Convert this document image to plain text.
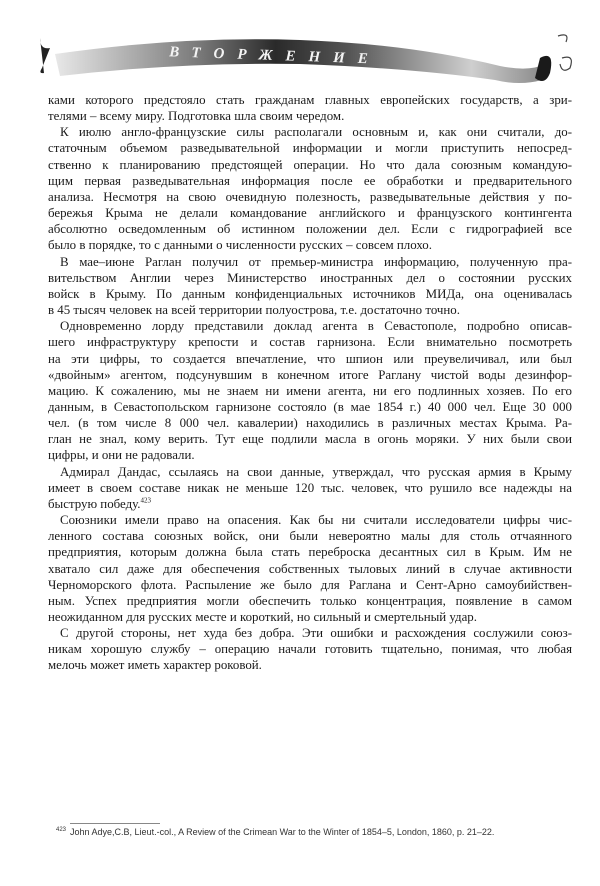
ВТОРЖЕНИЕ
ками которого предстояло стать гражданам главных европейских государств, а зри-
телями – всему миру. Подготовка шла своим чередом.
К июлю англо-французские силы располагали основным и, как они считали, до-
статочным объемом разведывательной информации и могли приступить непосред-
ственно к планированию предстоящей операции. Но что дала союзным командую-
щим первая разведывательная информация после ее обработки и предварительного
анализа. Несмотря на свою очевидную полезность, разведывательные действия у по-
бережья Крыма не делали командование английского и французского контингента
абсолютно осведомленным об истинном положении дел. Если с гидрографией все
было в порядке, то с данными о численности русских – совсем плохо.
В мае–июне Раглан получил от премьер-министра информацию, полученную пра-
вительством Англии через Министерство иностранных дел о состоянии русских
войск в Крыму. По данным конфиденциальных источников МИДа, она оценивалась
в 45 тысяч человек на всей территории полуострова, т.е. достаточно точно.
Одновременно лорду представили доклад агента в Севастополе, подробно описав-
шего инфраструктуру крепости и состав гарнизона. Если внимательно посмотреть
на эти цифры, то создается впечатление, что шпион или преувеличивал, или был
«двойным» агентом, подсунувшим в конечном итоге Раглану чистой воды дезинфор-
мацию. К сожалению, мы не знаем ни имени агента, ни его подлинных хозяев. По его
данным, в Севастопольском гарнизоне состояло (в мае 1854 г.) 40 000 чел. Еще 30 000
чел. (в том числе 8 000 чел. кавалерии) находились в различных местах Крыма. Ра-
глан не знал, кому верить. Тут еще подлили масла в огонь моряки. У них были свои
цифры, и они не радовали.
Адмирал Дандас, ссылаясь на свои данные, утверждал, что русская армия в Крыму
имеет в своем составе никак не меньше 120 тыс. человек, что рушило все надежды на
быструю победу.$^{423}$
Союзники имели право на опасения. Как бы ни считали исследователи цифры чис-
ленного состава союзных войск, они были невероятно малы для столь отчаянного
предприятия, которым должна была стать переброска десантных сил в Крым. Им не
хватало сил даже для обеспечения собственных тыловых линий в случае активности
Черноморского флота. Распыление же было для Раглана и Сент-Арно самоубийствен-
ным. Успех предприятия могли обеспечить только концентрация, появление в самом
неожиданном для русских месте и короткий, но сильный и смертельный удар.
С другой стороны, нет худа без добра. Эти ошибки и расхождения сослужили союз-
никам хорошую службу – операцию начали готовить тщательно, понимая, что любая
мелочь может иметь характер роковой.
$^{423}$ John Adye,C.B, Lieut.-col., A Review of the Crimean War to the Winter of 1854–5, London, 1860, p. 21–22.
